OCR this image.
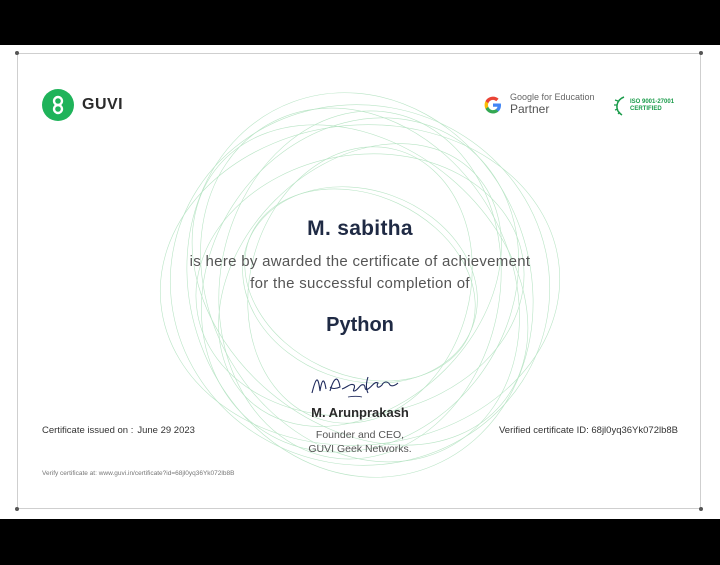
GUVI	Google for Education
Partner	ISO 9001-27001
CERTIFIED
M. sabitha
is here by awarded the certificate of achievement
for the successful completion of
Python
M. Arunprakash
Founder and CEO,
GUVI Geek Networks.
Certificate issued on : June 29 2023	Verified certificate ID: 68jl0yq36Yk072lb8B
Verify certificate at: www.guvi.in/certificate?id=68jl0yq36Yk072lb8B
